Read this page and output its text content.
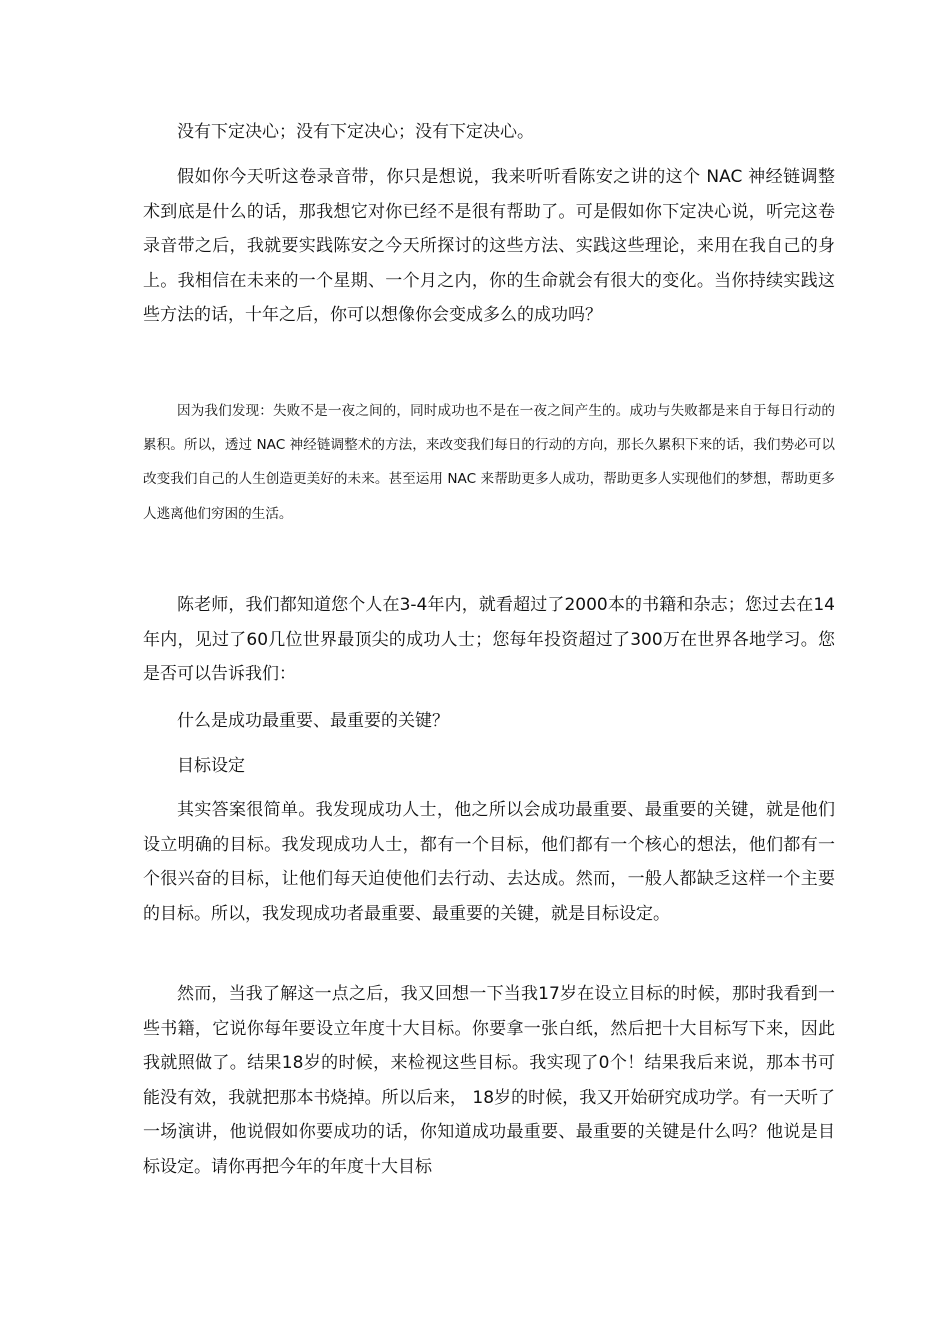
没有下定决心；没有下定决心；没有下定决心。

假如你今天听这卷录音带，你只是想说，我来听听看陈安之讲的这个 NAC 神经链调整术到底是什么的话，那我想它对你已经不是很有帮助了。可是假如你下定决心说，听完这卷录音带之后，我就要实践陈安之今天所探讨的这些方法、实践这些理论，来用在我自己的身上。我相信在未来的一个星期、一个月之内，你的生命就会有很大的变化。当你持续实践这些方法的话，十年之后，你可以想像你会变成多么的成功吗？

因为我们发现：失败不是一夜之间的，同时成功也不是在一夜之间产生的。成功与失败都是来自于每日行动的累积。所以，透过 NAC 神经链调整术的方法，来改变我们每日的行动的方向，那长久累积下来的话，我们势必可以改变我们自己的人生创造更美好的未来。甚至运用 NAC 来帮助更多人成功，帮助更多人实现他们的梦想，帮助更多人逃离他们穷困的生活。

陈老师，我们都知道您个人在3-4年内，就看超过了2000本的书籍和杂志；您过去在14年内，见过了60几位世界最顶尖的成功人士；您每年投资超过了300万在世界各地学习。您是否可以告诉我们：

什么是成功最重要、最重要的关键？

目标设定

其实答案很简单。我发现成功人士，他之所以会成功最重要、最重要的关键，就是他们设立明确的目标。我发现成功人士，都有一个目标，他们都有一个核心的想法，他们都有一个很兴奋的目标，让他们每天迫使他们去行动、去达成。然而，一般人都缺乏这样一个主要的目标。所以，我发现成功者最重要、最重要的关键，就是目标设定。

然而，当我了解这一点之后，我又回想一下当我17岁在设立目标的时候，那时我看到一些书籍，它说你每年要设立年度十大目标。你要拿一张白纸，然后把十大目标写下来，因此我就照做了。结果18岁的时候，来检视这些目标。我实现了0个！结果我后来说，那本书可能没有效，我就把那本书烧掉。所以后来， 18岁的时候，我又开始研究成功学。有一天听了一场演讲，他说假如你要成功的话，你知道成功最重要、最重要的关键是什么吗？他说是目标设定。请你再把今年的年度十大目标
